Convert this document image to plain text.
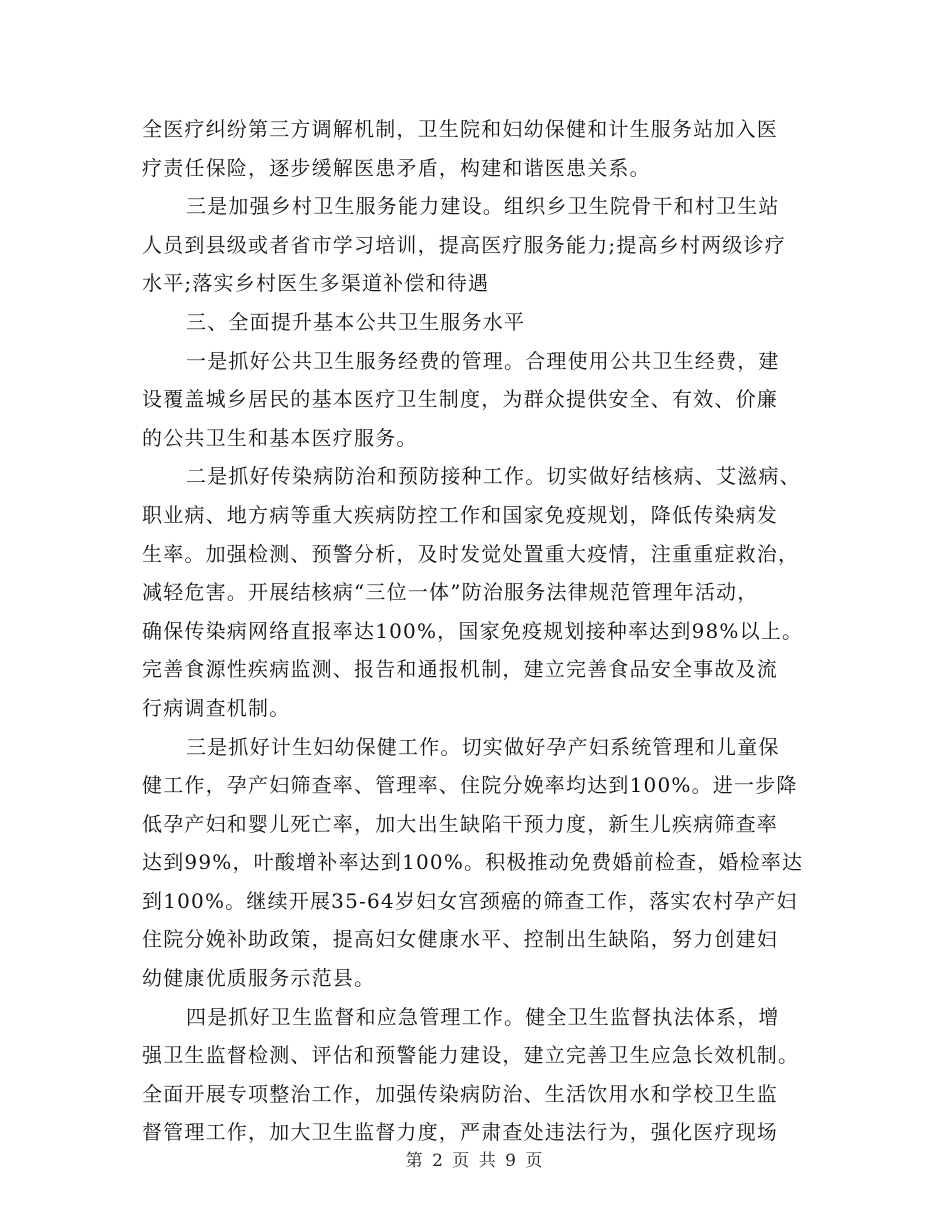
全医疗纠纷第三方调解机制，卫生院和妇幼保健和计生服务站加入医
疗责任保险，逐步缓解医患矛盾，构建和谐医患关系。
三是加强乡村卫生服务能力建设。组织乡卫生院骨干和村卫生站
人员到县级或者省市学习培训，提高医疗服务能力;提高乡村两级诊疗
水平;落实乡村医生多渠道补偿和待遇
三、全面提升基本公共卫生服务水平
一是抓好公共卫生服务经费的管理。合理使用公共卫生经费，建
设覆盖城乡居民的基本医疗卫生制度，为群众提供安全、有效、价廉
的公共卫生和基本医疗服务。
二是抓好传染病防治和预防接种工作。切实做好结核病、艾滋病、
职业病、地方病等重大疾病防控工作和国家免疫规划，降低传染病发
生率。加强检测、预警分析，及时发觉处置重大疫情，注重重症救治，
减轻危害。开展结核病“三位一体”防治服务法律规范管理年活动，
确保传染病网络直报率达100%，国家免疫规划接种率达到98%以上。
完善食源性疾病监测、报告和通报机制，建立完善食品安全事故及流
行病调查机制。
三是抓好计生妇幼保健工作。切实做好孕产妇系统管理和儿童保
健工作，孕产妇筛查率、管理率、住院分娩率均达到100%。进一步降
低孕产妇和婴儿死亡率，加大出生缺陷干预力度，新生儿疾病筛查率
达到99%，叶酸增补率达到100%。积极推动免费婚前检查，婚检率达
到100%。继续开展35-64岁妇女宫颈癌的筛查工作，落实农村孕产妇
住院分娩补助政策，提高妇女健康水平、控制出生缺陷，努力创建妇
幼健康优质服务示范县。
四是抓好卫生监督和应急管理工作。健全卫生监督执法体系，增
强卫生监督检测、评估和预警能力建设，建立完善卫生应急长效机制。
全面开展专项整治工作，加强传染病防治、生活饮用水和学校卫生监
督管理工作，加大卫生监督力度，严肃查处违法行为，强化医疗现场
第 2 页 共 9 页
